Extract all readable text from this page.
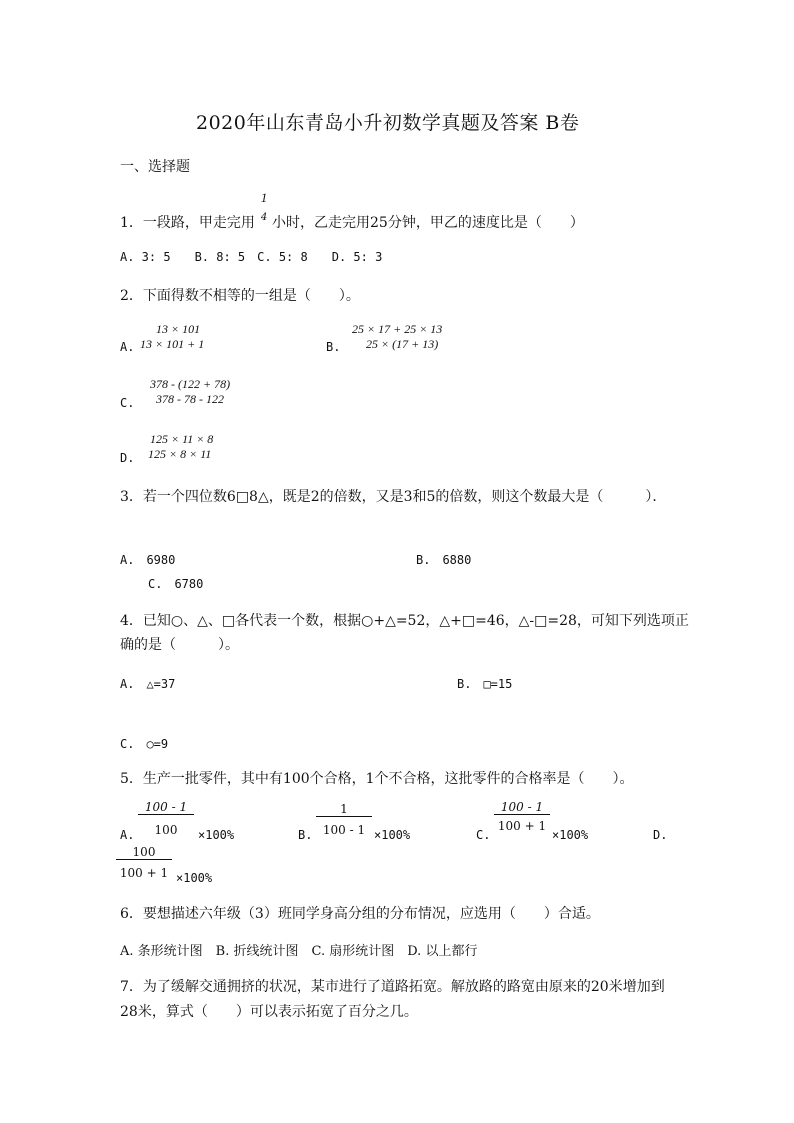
2020年山东青岛小升初数学真题及答案 B卷
一、选择题
1．一段路，甲走完用
1
4 小时，乙走完用25分钟，甲乙的速度比是（　　）
A. 3: 5　　B. 8: 5　C. 5: 8　　D. 5: 3
2．下面得数不相等的一组是（　　）。
A.
13 × 101
13 × 101 + 1	B.
25 × 17 + 25 × 13
25 × (17 + 13)
C.
378 - (122 + 78)
378 - 78 - 122
D.
125 × 11 × 8
125 × 8 × 11
3．若一个四位数6□8△，既是2的倍数，又是3和5的倍数，则这个数最大是（　　　）．
A.　6980	B.　6880
C.　6780
4．已知○、△、□各代表一个数，根据○+△=52，△+□=46，△-□=28，可知下列选项正
确的是（　　　）。
A.　△=37	B.　□=15
C.　○=9
5．生产一批零件，其中有100个合格，1个不合格，这批零件的合格率是（　　）。
A. $\frac{100 - 1}{100} \times 100\%$	B. $\frac{1}{100 - 1} \times 100\%$	C.
$\frac{100 - 1}{100 + 1}$
×100%	D.
$\frac{100}{100 + 1} \times 100\%$
6．要想描述六年级（3）班同学身高分组的分布情况，应选用（　　）合适。
A. 条形统计图　B. 折线统计图　C. 扇形统计图　D. 以上都行
7．为了缓解交通拥挤的状况，某市进行了道路拓宽。解放路的路宽由原来的20米增加到
28米，算式（　　）可以表示拓宽了百分之几。
